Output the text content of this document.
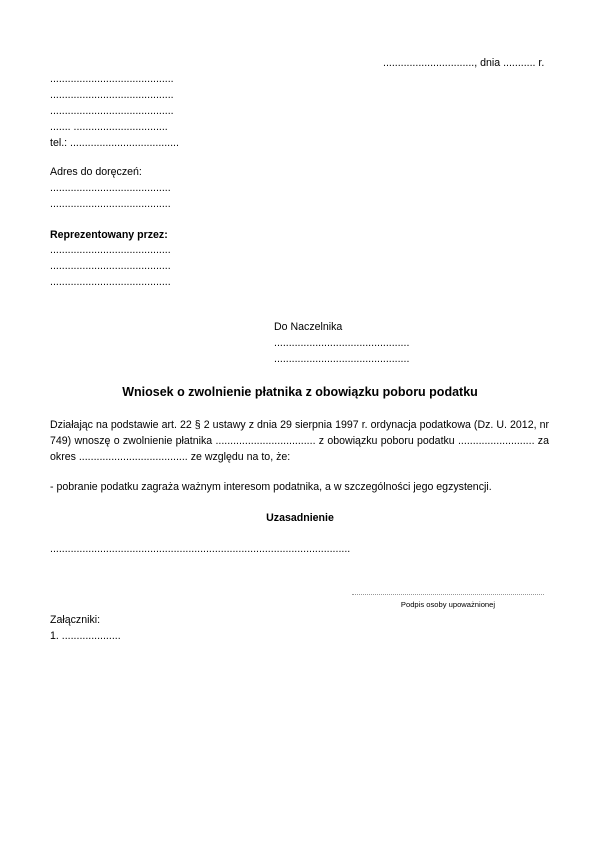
..............................., dnia ........... r.
..........................................
..........................................
..........................................
....... ................................
tel.: .....................................
Adres do doręczeń:
.........................................
.........................................
Reprezentowany przez:
.........................................
.........................................
.........................................
Do Naczelnika
..............................................
..............................................
Wniosek o zwolnienie płatnika z obowiązku poboru podatku
Działając na podstawie art. 22 § 2 ustawy z dnia 29 sierpnia 1997 r. ordynacja podatkowa (Dz. U. 2012, nr 749) wnoszę o zwolnienie płatnika .................................. z obowiązku poboru podatku .......................... za okres ..................................... ze względu na to, że:
- pobranie podatku zagraża ważnym interesom podatnika, a w szczególności jego egzystencji.
Uzasadnienie
......................................................................................................
Podpis osoby upoważnionej
Załączniki:
1. ....................
